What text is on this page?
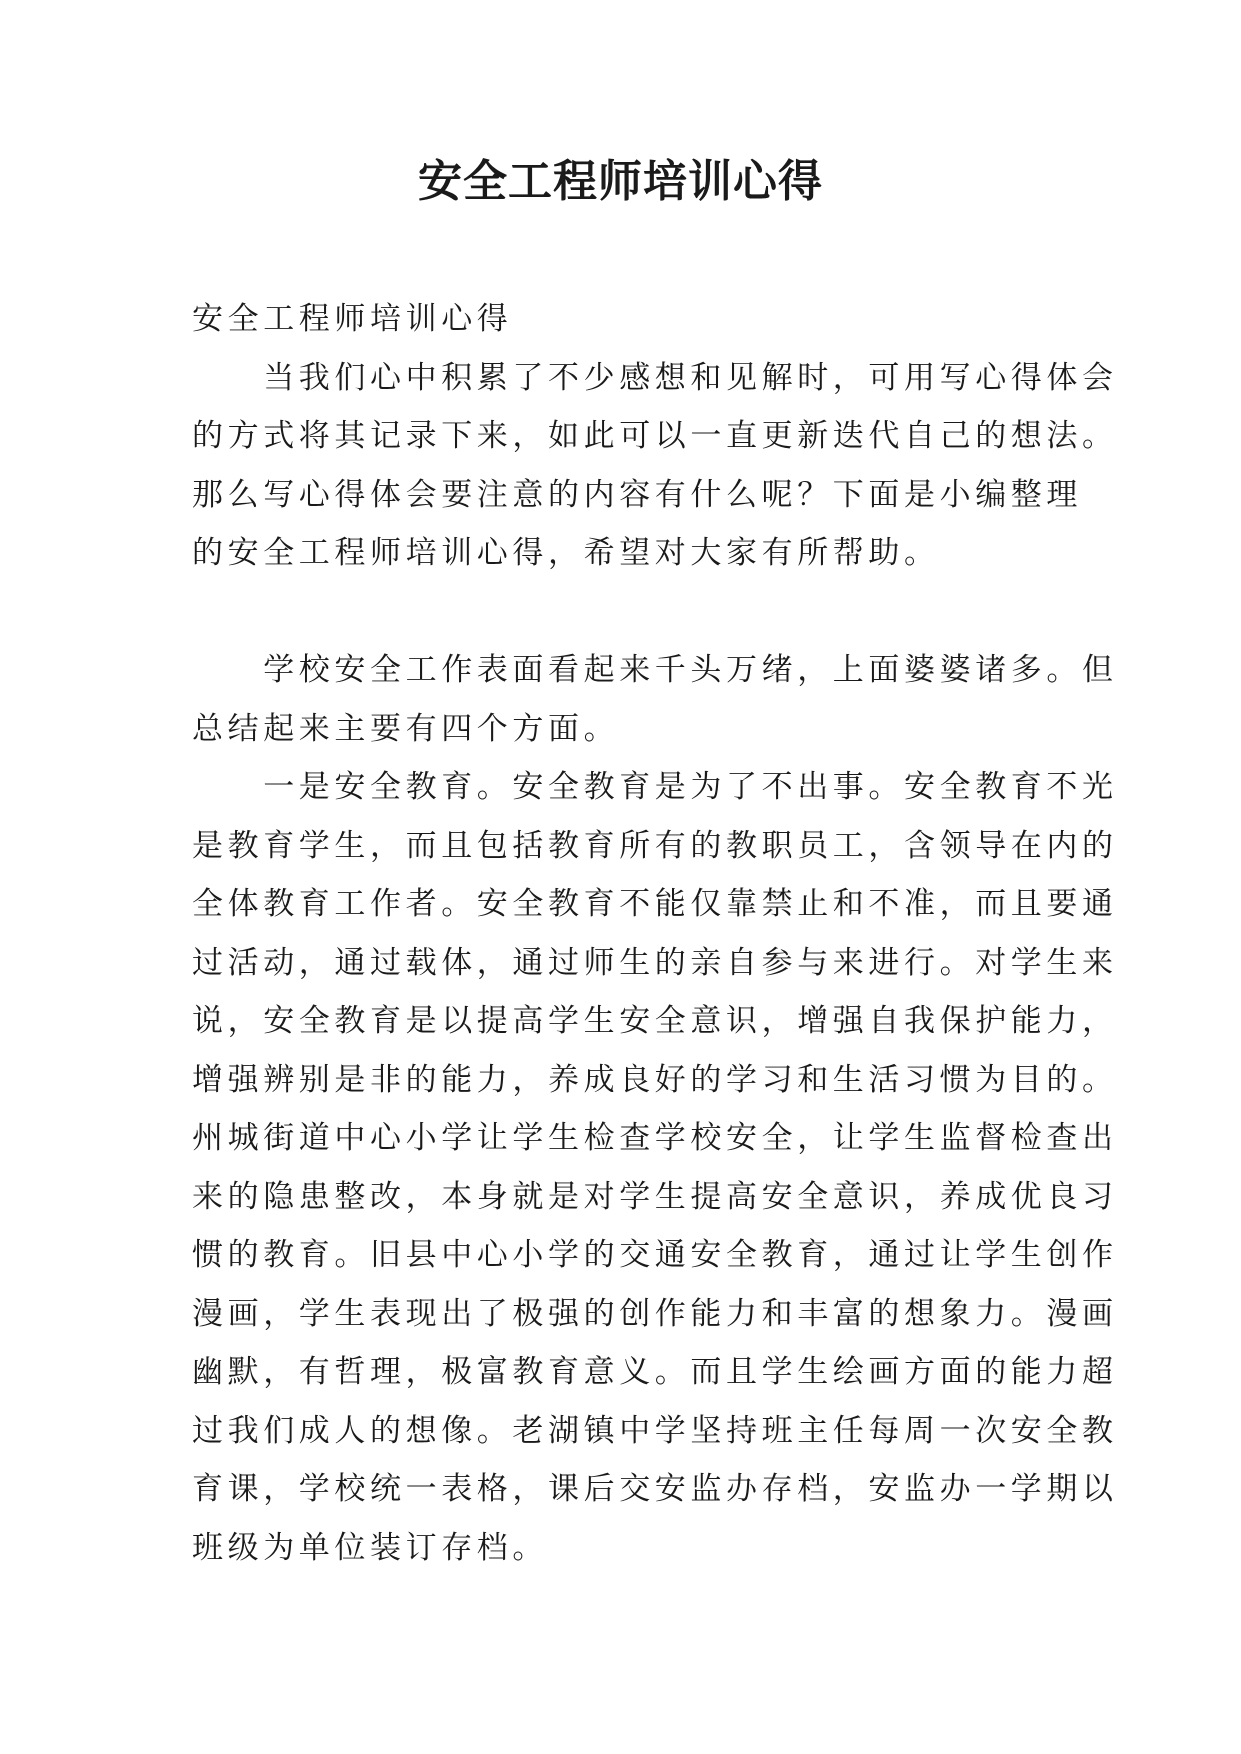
安全工程师培训心得

安全工程师培训心得

　　当我们心中积累了不少感想和见解时，可用写心得体会

的方式将其记录下来，如此可以一直更新迭代自己的想法。

那么写心得体会要注意的内容有什么呢？下面是小编整理

的安全工程师培训心得，希望对大家有所帮助。

　　学校安全工作表面看起来千头万绪，上面婆婆诸多。但

总结起来主要有四个方面。

　　一是安全教育。安全教育是为了不出事。安全教育不光

是教育学生，而且包括教育所有的教职员工，含领导在内的

全体教育工作者。安全教育不能仅靠禁止和不准，而且要通

过活动，通过载体，通过师生的亲自参与来进行。对学生来

说，安全教育是以提高学生安全意识，增强自我保护能力，

增强辨别是非的能力，养成良好的学习和生活习惯为目的。

州城街道中心小学让学生检查学校安全，让学生监督检查出

来的隐患整改，本身就是对学生提高安全意识，养成优良习

惯的教育。旧县中心小学的交通安全教育，通过让学生创作

漫画，学生表现出了极强的创作能力和丰富的想象力。漫画

幽默，有哲理，极富教育意义。而且学生绘画方面的能力超

过我们成人的想像。老湖镇中学坚持班主任每周一次安全教

育课，学校统一表格，课后交安监办存档，安监办一学期以

班级为单位装订存档。
